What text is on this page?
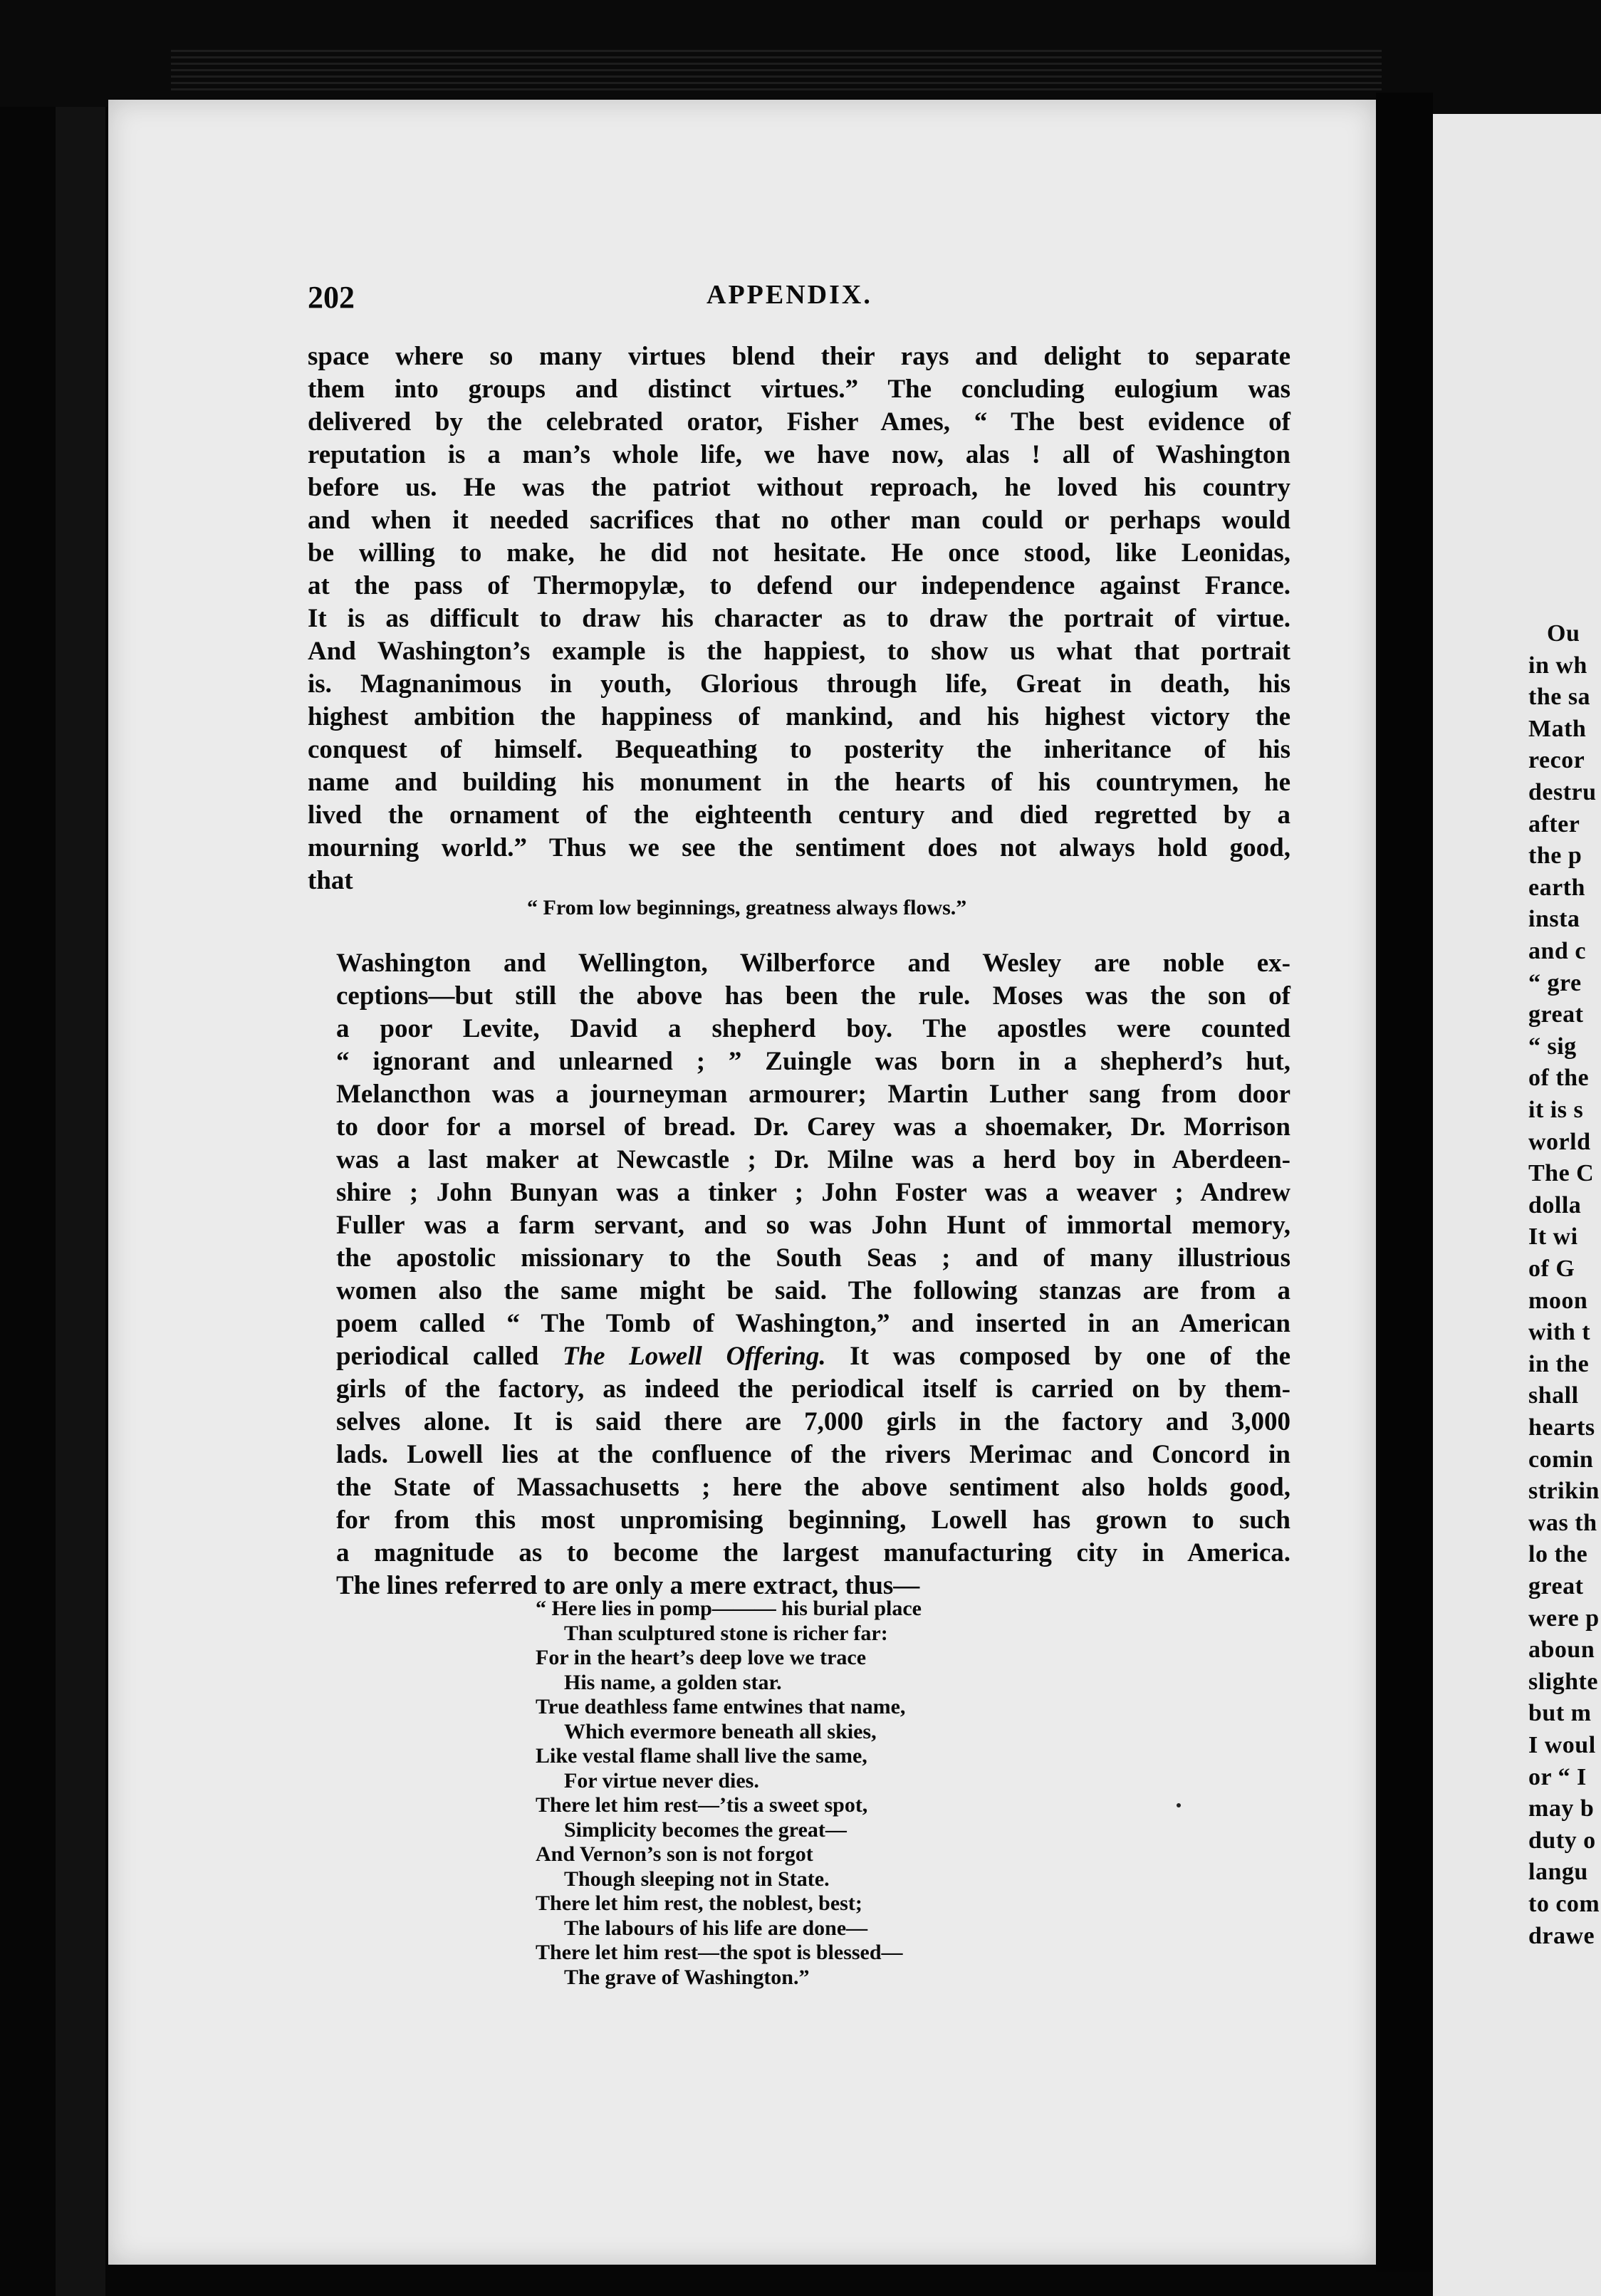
Ou
in wh
the sa
Math
recor
destru
after
the p
earth
insta
and c
“ gre
great
“ sig
of the
it is s
world
The C
dolla
It wi
of G
moon
with t
in the
shall
hearts
comin
strikin
was th
lo the
great
were p
aboun
slighte
but m
I woul
or “ I
may b
duty o
langu
to com
drawe
202	APPENDIX.
space where so many virtues blend their rays and delight to separate
them into groups and distinct virtues.” The concluding eulogium was
delivered by the celebrated orator, Fisher Ames, “ The best evidence of
reputation is a man’s whole life, we have now, alas ! all of Washington
before us. He was the patriot without reproach, he loved his country
and when it needed sacrifices that no other man could or perhaps would
be willing to make, he did not hesitate. He once stood, like Leonidas,
at the pass of Thermopylæ, to defend our independence against France.
It is as difficult to draw his character as to draw the portrait of virtue.
And Washington’s example is the happiest, to show us what that portrait
is. Magnanimous in youth, Glorious through life, Great in death, his
highest ambition the happiness of mankind, and his highest victory the
conquest of himself. Bequeathing to posterity the inheritance of his
name and building his monument in the hearts of his countrymen, he
lived the ornament of the eighteenth century and died regretted by a
mourning world.” Thus we see the sentiment does not always hold good,
that
“ From low beginnings, greatness always flows.”
Washington and Wellington, Wilberforce and Wesley are noble ex-
ceptions—but still the above has been the rule. Moses was the son of
a poor Levite, David a shepherd boy. The apostles were counted
“ ignorant and unlearned ; ” Zuingle was born in a shepherd’s hut,
Melancthon was a journeyman armourer; Martin Luther sang from door
to door for a morsel of bread. Dr. Carey was a shoemaker, Dr. Morrison
was a last maker at Newcastle ; Dr. Milne was a herd boy in Aberdeen-
shire ; John Bunyan was a tinker ; John Foster was a weaver ; Andrew
Fuller was a farm servant, and so was John Hunt of immortal memory,
the apostolic missionary to the South Seas ; and of many illustrious
women also the same might be said. The following stanzas are from a
poem called “ The Tomb of Washington,” and inserted in an American
periodical called The Lowell Offering. It was composed by one of the
girls of the factory, as indeed the periodical itself is carried on by them-
selves alone. It is said there are 7,000 girls in the factory and 3,000
lads. Lowell lies at the confluence of the rivers Merimac and Concord in
the State of Massachusetts ; here the above sentiment also holds good,
for from this most unpromising beginning, Lowell has grown to such
a magnitude as to become the largest manufacturing city in America.
The lines referred to are only a mere extract, thus—
“ Here lies in pomp——— his burial place
Than sculptured stone is richer far:
For in the heart’s deep love we trace
His name, a golden star.
True deathless fame entwines that name,
Which evermore beneath all skies,
Like vestal flame shall live the same,
For virtue never dies.
There let him rest—’tis a sweet spot,
Simplicity becomes the great—
And Vernon’s son is not forgot
Though sleeping not in State.
There let him rest, the noblest, best;
The labours of his life are done—
There let him rest—the spot is blessed—
The grave of Washington.”
